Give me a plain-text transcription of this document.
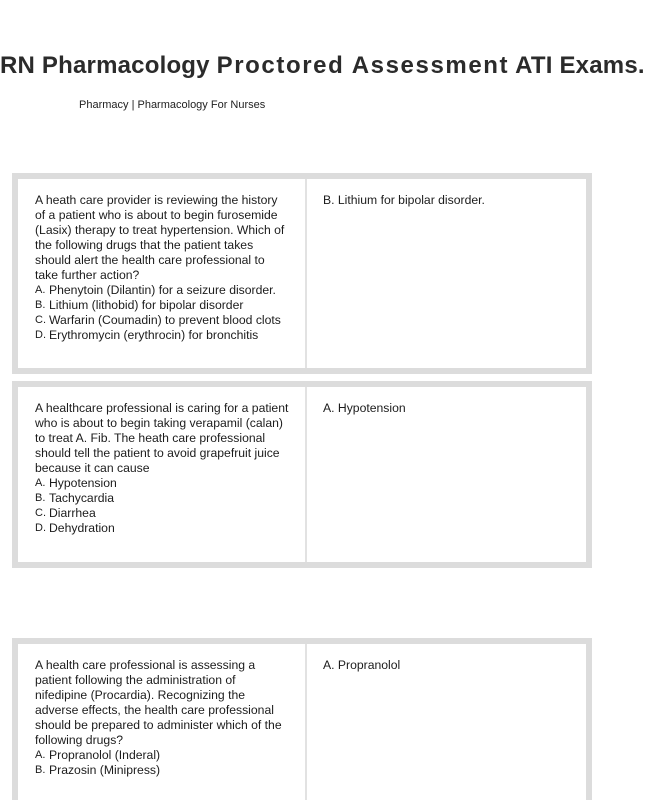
RN Pharmacology Proctored Assessment ATI Exams.
Pharmacy | Pharmacology For Nurses
A heath care provider is reviewing the history of a patient who is about to begin furosemide (Lasix) therapy to treat hypertension. Which of the following drugs that the patient takes should alert the health care professional to take further action?
A. Phenytoin (Dilantin) for a seizure disorder.
B. Lithium (lithobid) for bipolar disorder
C. Warfarin (Coumadin) to prevent blood clots
D. Erythromycin (erythrocin) for bronchitis
B. Lithium for bipolar disorder.
A healthcare professional is caring for a patient who is about to begin taking verapamil (calan) to treat A. Fib. The heath care professional should tell the patient to avoid grapefruit juice because it can cause
A. Hypotension
B. Tachycardia
C. Diarrhea
D. Dehydration
A. Hypotension
A health care professional is assessing a patient following the administration of nifedipine (Procardia). Recognizing the adverse effects, the health care professional should be prepared to administer which of the following drugs?
A. Propranolol (Inderal)
B. Prazosin (Minipress)
A. Propranolol
